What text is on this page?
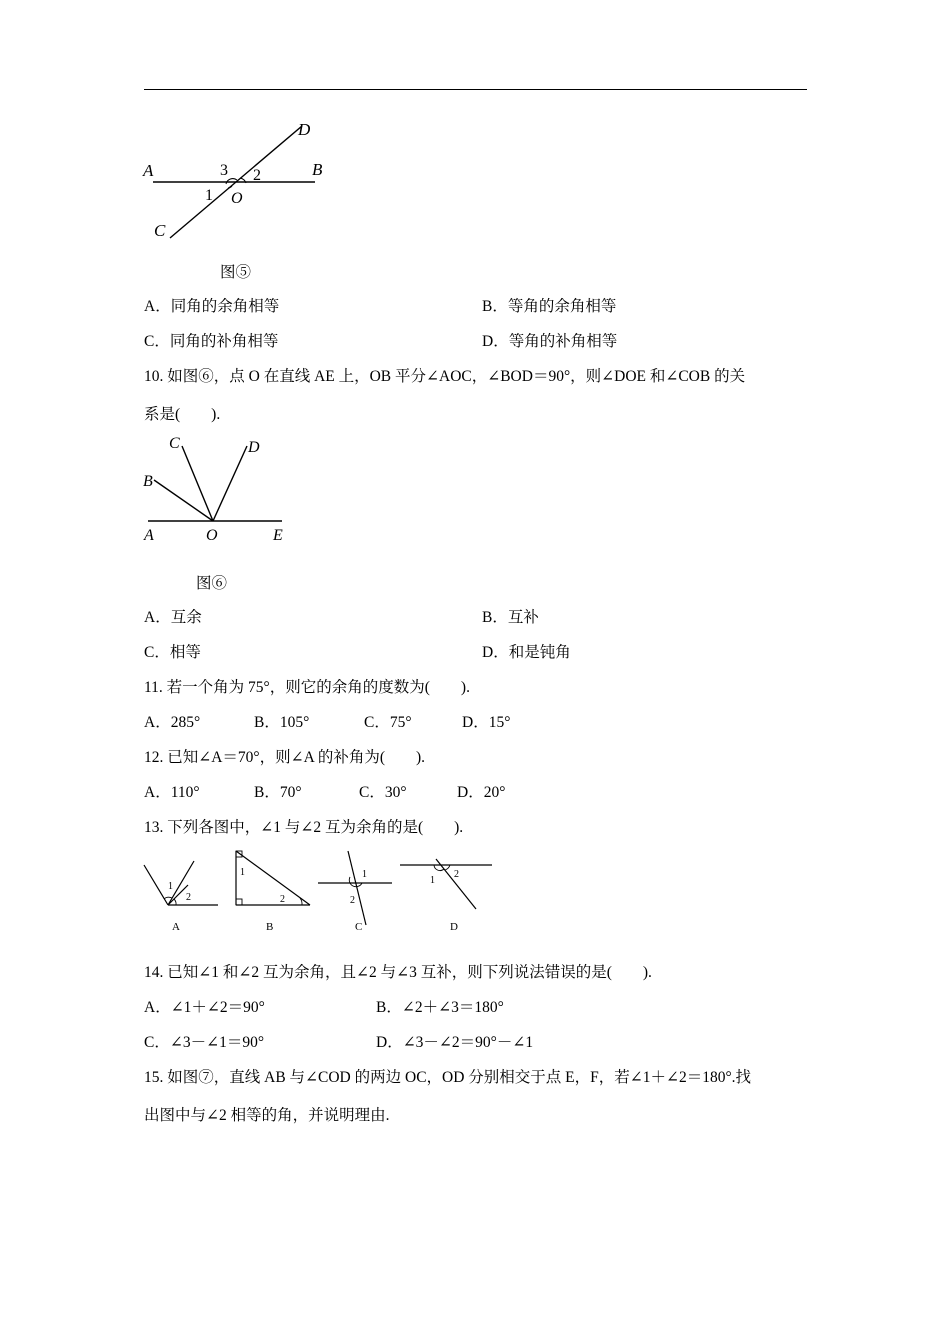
A	B
C
D
O
1
2
3
图⑤
A．同角的余角相等	B．等角的余角相等
C．同角的补角相等	D．等角的补角相等
10. 如图⑥，点 O 在直线 AE 上，OB 平分∠AOC，∠BOD＝90°，则∠DOE 和∠COB 的关
系是(　　).
C	D
B
A	O	E
图⑥
A．互余	B．互补
C．相等	D．和是钝角
11. 若一个角为 75°，则它的余角的度数为(　　).
A．285°	B．105°	C．75°	D．15°
12. 已知∠A＝70°，则∠A 的补角为(　　).
A．110°	B．70°	C．30°	D．20°
13. 下列各图中，∠1 与∠2 互为余角的是(　　).
1
2
A
1
2
B
1
2
C
1
2
D
14. 已知∠1 和∠2 互为余角，且∠2 与∠3 互补，则下列说法错误的是(　　).
A．∠1＋∠2＝90°	B．∠2＋∠3＝180°
C．∠3－∠1＝90°	D．∠3－∠2＝90°－∠1
15. 如图⑦，直线 AB 与∠COD 的两边 OC，OD 分别相交于点 E，F，若∠1＋∠2＝180°.找
出图中与∠2 相等的角，并说明理由.
